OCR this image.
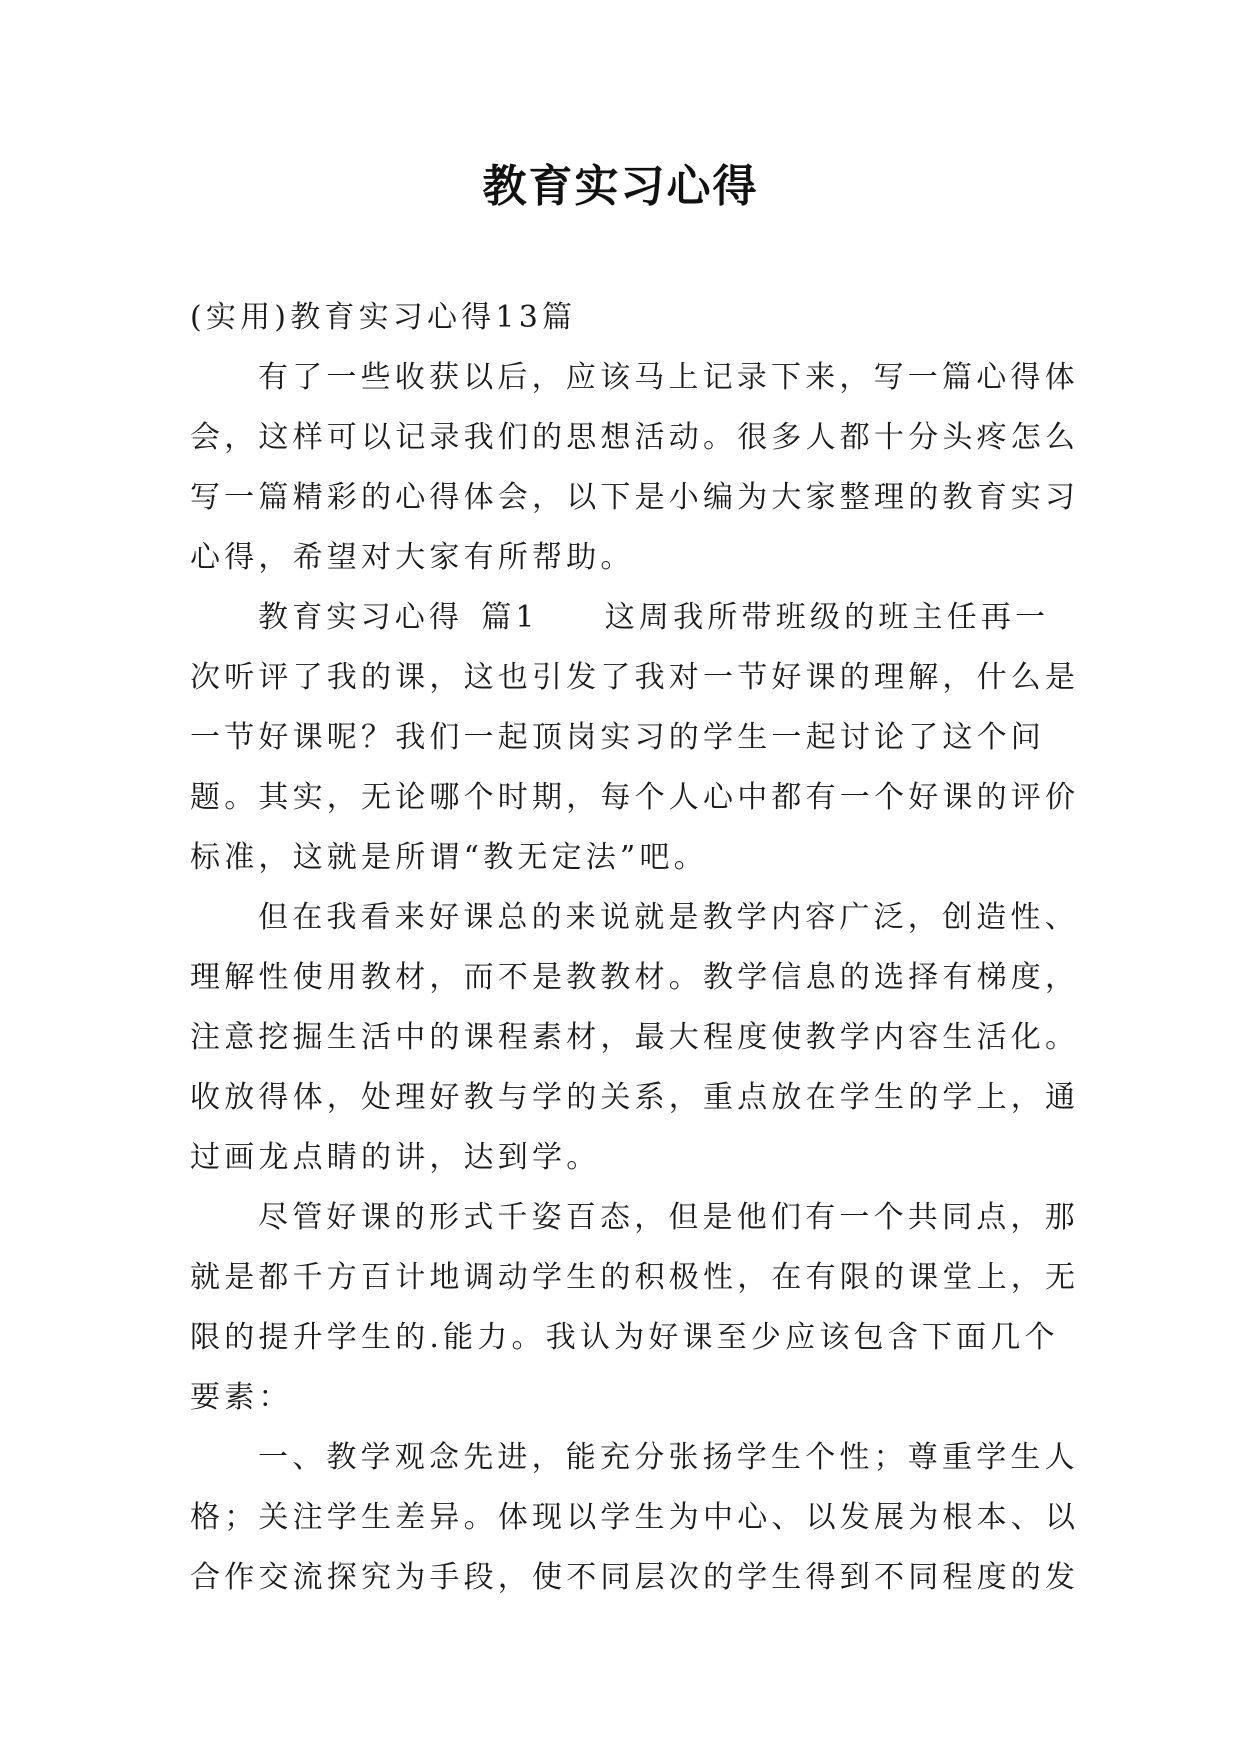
教育实习心得
(实用)教育实习心得13篇
有了一些收获以后，应该马上记录下来，写一篇心得体
会，这样可以记录我们的思想活动。很多人都十分头疼怎么
写一篇精彩的心得体会，以下是小编为大家整理的教育实习
心得，希望对大家有所帮助。
教育实习心得 篇1 这周我所带班级的班主任再一
次听评了我的课，这也引发了我对一节好课的理解，什么是
一节好课呢？我们一起顶岗实习的学生一起讨论了这个问
题。其实，无论哪个时期，每个人心中都有一个好课的评价
标准，这就是所谓“教无定法”吧。
但在我看来好课总的来说就是教学内容广泛，创造性、
理解性使用教材，而不是教教材。教学信息的选择有梯度，
注意挖掘生活中的课程素材，最大程度使教学内容生活化。
收放得体，处理好教与学的关系，重点放在学生的学上，通
过画龙点睛的讲，达到学。
尽管好课的形式千姿百态，但是他们有一个共同点，那
就是都千方百计地调动学生的积极性，在有限的课堂上，无
限的提升学生的.能力。我认为好课至少应该包含下面几个
要素：
一、教学观念先进，能充分张扬学生个性；尊重学生人
格；关注学生差异。体现以学生为中心、以发展为根本、以
合作交流探究为手段，使不同层次的学生得到不同程度的发
